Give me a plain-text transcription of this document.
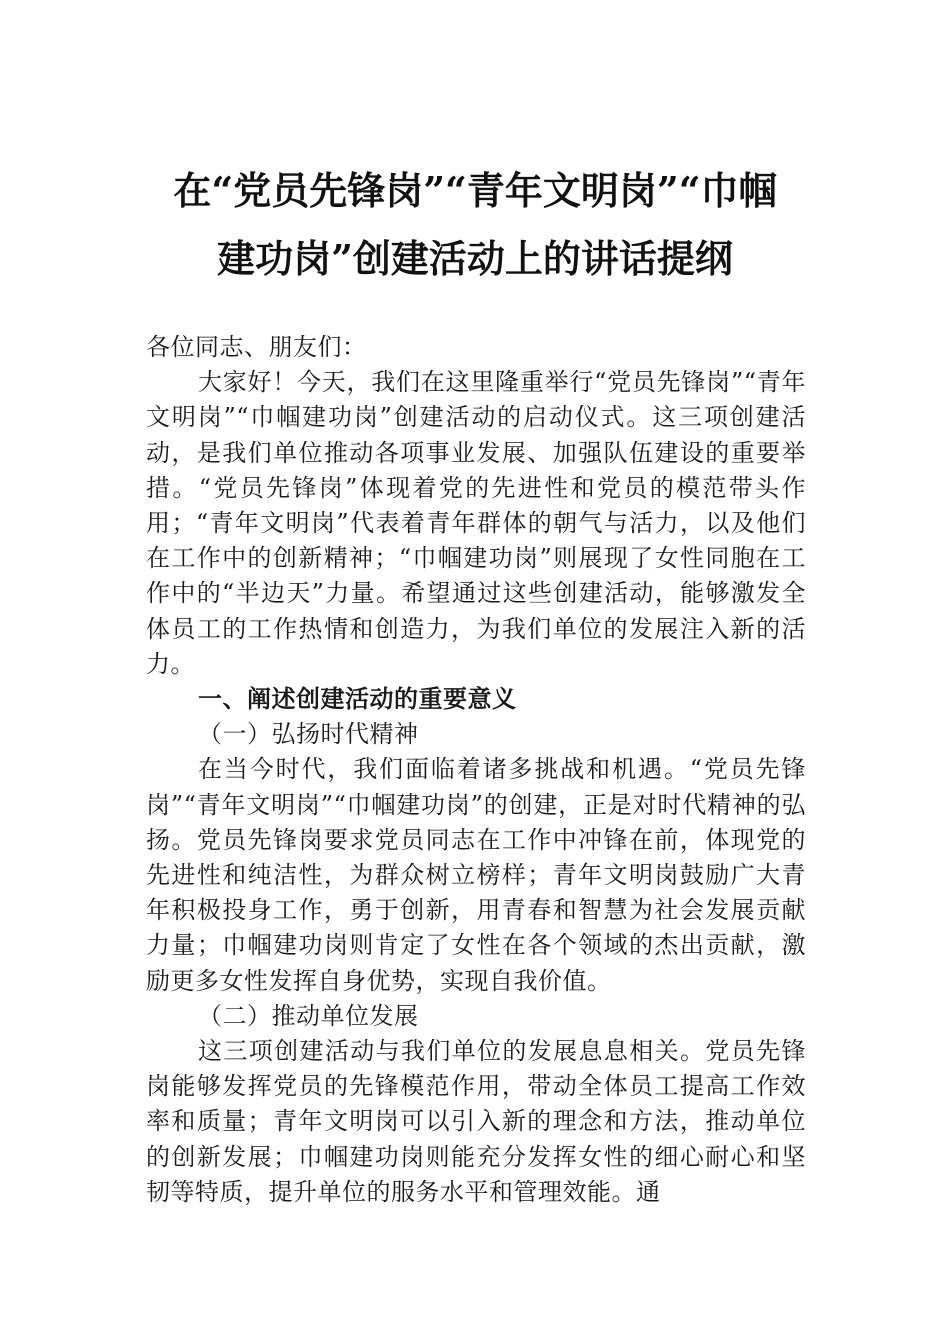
在“党员先锋岗”“青年文明岗”“巾帼
建功岗”创建活动上的讲话提纲

各位同志、朋友们：

大家好！今天，我们在这里隆重举行“党员先锋岗”“青年文明岗”“巾帼建功岗”创建活动的启动仪式。这三项创建活动，是我们单位推动各项事业发展、加强队伍建设的重要举措。“党员先锋岗”体现着党的先进性和党员的模范带头作用；“青年文明岗”代表着青年群体的朝气与活力，以及他们在工作中的创新精神；“巾帼建功岗”则展现了女性同胞在工作中的“半边天”力量。希望通过这些创建活动，能够激发全体员工的工作热情和创造力，为我们单位的发展注入新的活力。

一、阐述创建活动的重要意义

（一）弘扬时代精神

在当今时代，我们面临着诸多挑战和机遇。“党员先锋岗”“青年文明岗”“巾帼建功岗”的创建，正是对时代精神的弘扬。党员先锋岗要求党员同志在工作中冲锋在前，体现党的先进性和纯洁性，为群众树立榜样；青年文明岗鼓励广大青年积极投身工作，勇于创新，用青春和智慧为社会发展贡献力量；巾帼建功岗则肯定了女性在各个领域的杰出贡献，激励更多女性发挥自身优势，实现自我价值。

（二）推动单位发展

这三项创建活动与我们单位的发展息息相关。党员先锋岗能够发挥党员的先锋模范作用，带动全体员工提高工作效率和质量；青年文明岗可以引入新的理念和方法，推动单位的创新发展；巾帼建功岗则能充分发挥女性的细心耐心和坚韧等特质，提升单位的服务水平和管理效能。通
